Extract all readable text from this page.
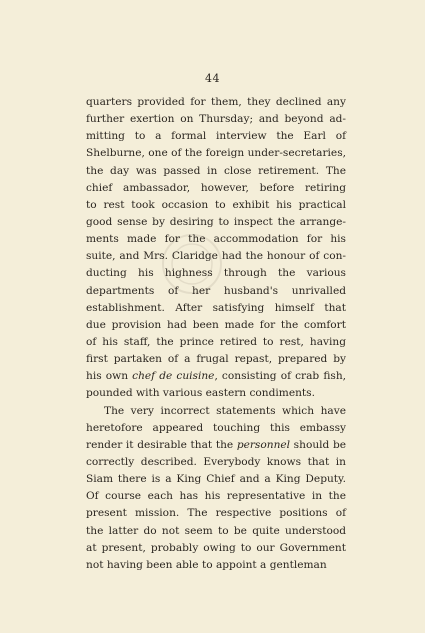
44
quarters provided for them, they declined any
further exertion on Thursday; and beyond ad-
mitting to a formal interview the Earl of
Shelburne, one of the foreign under-secretaries,
the day was passed in close retirement. The
chief ambassador, however, before retiring
to rest took occasion to exhibit his practical
good sense by desiring to inspect the arrange-
ments made for the accommodation for his
suite, and Mrs. Claridge had the honour of con-
ducting his highness through the various
departments of her husband's unrivalled
establishment. After satisfying himself that
due provision had been made for the comfort
of his staff, the prince retired to rest, having
first partaken of a frugal repast, prepared by
his own chef de cuisine, consisting of crab fish,
pounded with various eastern condiments.
The very incorrect statements which have
heretofore appeared touching this embassy
render it desirable that the personnel should be
correctly described. Everybody knows that in
Siam there is a King Chief and a King Deputy.
Of course each has his representative in the
present mission. The respective positions of
the latter do not seem to be quite understood
at present, probably owing to our Government
not having been able to appoint a gentleman
